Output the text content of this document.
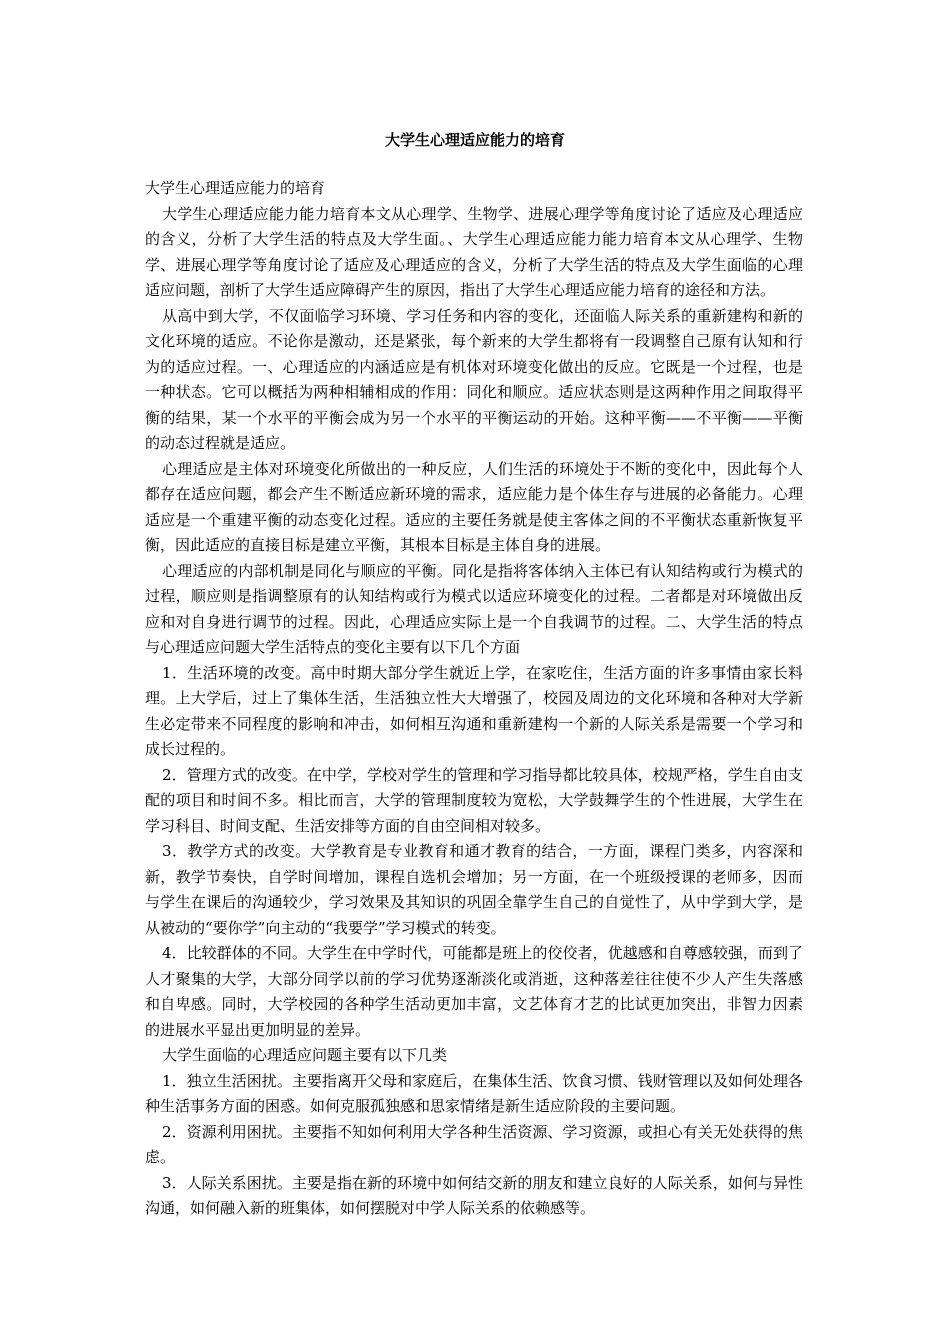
大学生心理适应能力的培育

大学生心理适应能力的培育

大学生心理适应能力能力培育本文从心理学、生物学、进展心理学等角度讨论了适应及心理适应的含义，分析了大学生活的特点及大学生面。、大学生心理适应能力能力培育本文从心理学、生物学、进展心理学等角度讨论了适应及心理适应的含义，分析了大学生活的特点及大学生面临的心理适应问题，剖析了大学生适应障碍产生的原因，指出了大学生心理适应能力培育的途径和方法。

从高中到大学，不仅面临学习环境、学习任务和内容的变化，还面临人际关系的重新建构和新的文化环境的适应。不论你是激动，还是紧张，每个新来的大学生都将有一段调整自己原有认知和行为的适应过程。一、心理适应的内涵适应是有机体对环境变化做出的反应。它既是一个过程，也是一种状态。它可以概括为两种相辅相成的作用：同化和顺应。适应状态则是这两种作用之间取得平衡的结果，某一个水平的平衡会成为另一个水平的平衡运动的开始。这种平衡——不平衡——平衡的动态过程就是适应。

心理适应是主体对环境变化所做出的一种反应，人们生活的环境处于不断的变化中，因此每个人都存在适应问题，都会产生不断适应新环境的需求，适应能力是个体生存与进展的必备能力。心理适应是一个重建平衡的动态变化过程。适应的主要任务就是使主客体之间的不平衡状态重新恢复平衡，因此适应的直接目标是建立平衡，其根本目标是主体自身的进展。

心理适应的内部机制是同化与顺应的平衡。同化是指将客体纳入主体已有认知结构或行为模式的过程，顺应则是指调整原有的认知结构或行为模式以适应环境变化的过程。二者都是对环境做出反应和对自身进行调节的过程。因此，心理适应实际上是一个自我调节的过程。二、大学生活的特点与心理适应问题大学生活特点的变化主要有以下几个方面

1．生活环境的改变。高中时期大部分学生就近上学，在家吃住，生活方面的许多事情由家长料理。上大学后，过上了集体生活，生活独立性大大增强了，校园及周边的文化环境和各种对大学新生必定带来不同程度的影响和冲击，如何相互沟通和重新建构一个新的人际关系是需要一个学习和成长过程的。

2．管理方式的改变。在中学，学校对学生的管理和学习指导都比较具体，校规严格，学生自由支配的项目和时间不多。相比而言，大学的管理制度较为宽松，大学鼓舞学生的个性进展，大学生在学习科目、时间支配、生活安排等方面的自由空间相对较多。

3．教学方式的改变。大学教育是专业教育和通才教育的结合，一方面，课程门类多，内容深和新，教学节奏快，自学时间增加，课程自选机会增加；另一方面，在一个班级授课的老师多，因而与学生在课后的沟通较少，学习效果及其知识的巩固全靠学生自己的自觉性了，从中学到大学，是从被动的“要你学”向主动的“我要学”学习模式的转变。

4．比较群体的不同。大学生在中学时代，可能都是班上的佼佼者，优越感和自尊感较强，而到了人才聚集的大学，大部分同学以前的学习优势逐渐淡化或消逝，这种落差往往使不少人产生失落感和自卑感。同时，大学校园的各种学生活动更加丰富，文艺体育才艺的比试更加突出，非智力因素的进展水平显出更加明显的差异。

大学生面临的心理适应问题主要有以下几类

1．独立生活困扰。主要指离开父母和家庭后，在集体生活、饮食习惯、钱财管理以及如何处理各种生活事务方面的困惑。如何克服孤独感和思家情绪是新生适应阶段的主要问题。

2．资源利用困扰。主要指不知如何利用大学各种生活资源、学习资源，或担心有关无处获得的焦虑。

3．人际关系困扰。主要是指在新的环境中如何结交新的朋友和建立良好的人际关系，如何与异性沟通，如何融入新的班集体，如何摆脱对中学人际关系的依赖感等。
